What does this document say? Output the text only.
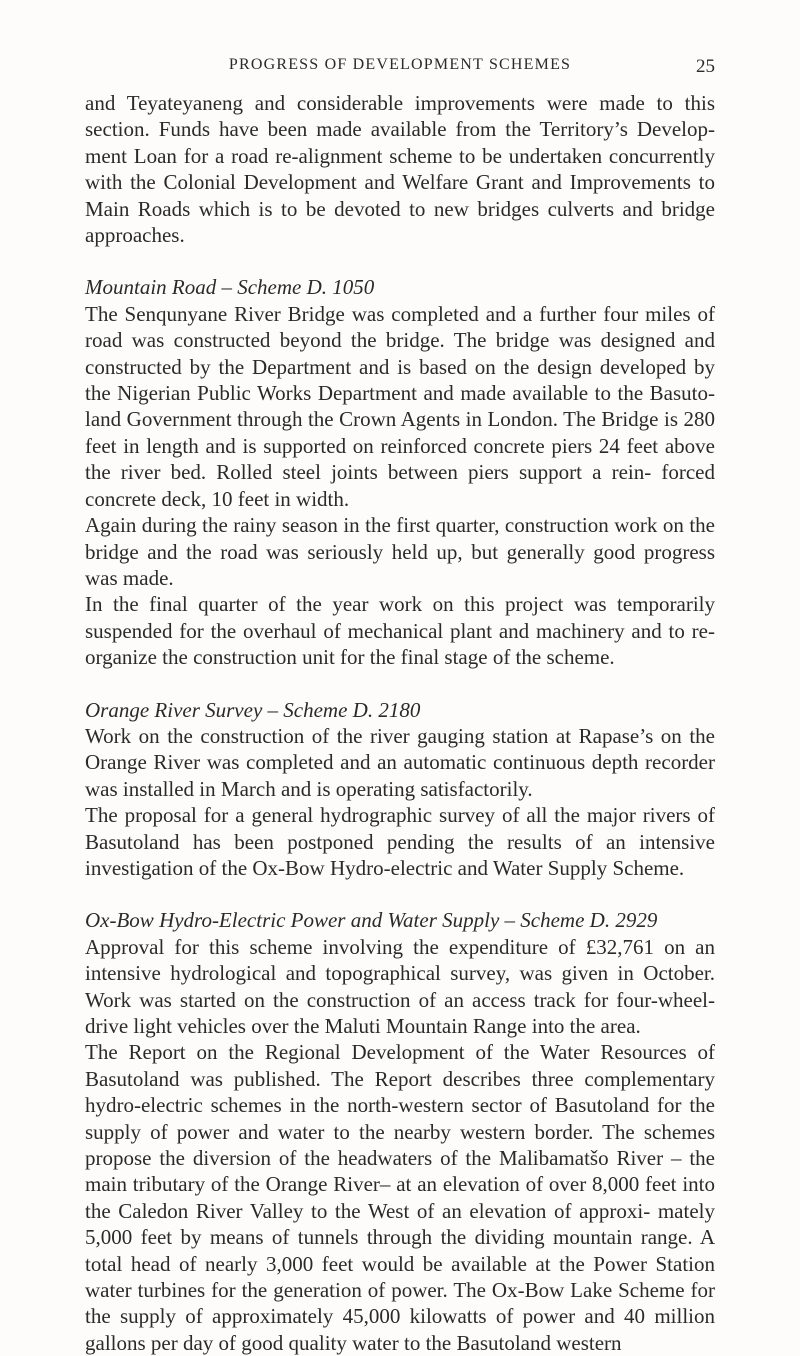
PROGRESS OF DEVELOPMENT SCHEMES	25

and Teyateyaneng and considerable improvements were made to this section. Funds have been made available from the Territory’s Develop- ment Loan for a road re-alignment scheme to be undertaken concurrently with the Colonial Development and Welfare Grant and Improvements to Main Roads which is to be devoted to new bridges culverts and bridge approaches.

Mountain Road – Scheme D. 1050

The Senqunyane River Bridge was completed and a further four miles of road was constructed beyond the bridge. The bridge was designed and constructed by the Department and is based on the design developed by the Nigerian Public Works Department and made available to the Basuto- land Government through the Crown Agents in London. The Bridge is 280 feet in length and is supported on reinforced concrete piers 24 feet above the river bed. Rolled steel joints between piers support a rein- forced concrete deck, 10 feet in width.

Again during the rainy season in the first quarter, construction work on the bridge and the road was seriously held up, but generally good progress was made.

In the final quarter of the year work on this project was temporarily suspended for the overhaul of mechanical plant and machinery and to re-organize the construction unit for the final stage of the scheme.

Orange River Survey – Scheme D. 2180

Work on the construction of the river gauging station at Rapase’s on the Orange River was completed and an automatic continuous depth recorder was installed in March and is operating satisfactorily.

The proposal for a general hydrographic survey of all the major rivers of Basutoland has been postponed pending the results of an intensive investigation of the Ox-Bow Hydro-electric and Water Supply Scheme.

Ox-Bow Hydro-Electric Power and Water Supply – Scheme D. 2929

Approval for this scheme involving the expenditure of £32,761 on an intensive hydrological and topographical survey, was given in October. Work was started on the construction of an access track for four-wheel- drive light vehicles over the Maluti Mountain Range into the area.

The Report on the Regional Development of the Water Resources of Basutoland was published. The Report describes three complementary hydro-electric schemes in the north-western sector of Basutoland for the supply of power and water to the nearby western border. The schemes propose the diversion of the headwaters of the Malibamatšo River – the main tributary of the Orange River– at an elevation of over 8,000 feet into the Caledon River Valley to the West of an elevation of approxi- mately 5,000 feet by means of tunnels through the dividing mountain range. A total head of nearly 3,000 feet would be available at the Power Station water turbines for the generation of power. The Ox-Bow Lake Scheme for the supply of approximately 45,000 kilowatts of power and 40 million gallons per day of good quality water to the Basutoland western
